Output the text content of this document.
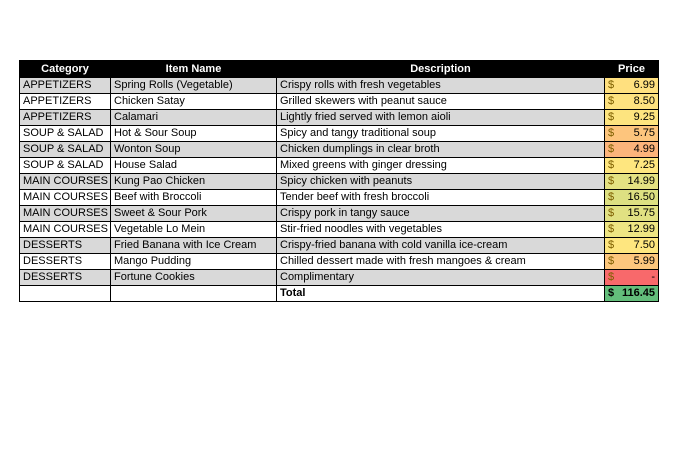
Category	Item Name	Description	Price
APPETIZERS	Spring Rolls (Vegetable)	Crispy rolls with fresh vegetables	$ 6.99

APPETIZERS	Chicken Satay	Grilled skewers with peanut sauce	$ 8.50

APPETIZERS	Calamari	Lightly fried served with lemon aioli	$ 9.25

SOUP & SALAD	Hot & Sour Soup	Spicy and tangy traditional soup	$ 5.75

SOUP & SALAD	Wonton Soup	Chicken dumplings in clear broth	$ 4.99

SOUP & SALAD	House Salad	Mixed greens with ginger dressing	$ 7.25

MAIN COURSES	Kung Pao Chicken	Spicy chicken with peanuts	$ 14.99

MAIN COURSES	Beef with Broccoli	Tender beef with fresh broccoli	$ 16.50

MAIN COURSES	Sweet & Sour Pork	Crispy pork in tangy sauce	$ 15.75

MAIN COURSES	Vegetable Lo Mein	Stir-fried noodles with vegetables	$ 12.99

DESSERTS	Fried Banana with Ice Cream	Crispy-fried banana with cold vanilla ice-cream	$ 7.50

DESSERTS	Mango Pudding	Chilled dessert made with fresh mangoes & cream	$ 5.99

DESSERTS	Fortune Cookies	Complimentary	$ -

		Total	$ 116.45
